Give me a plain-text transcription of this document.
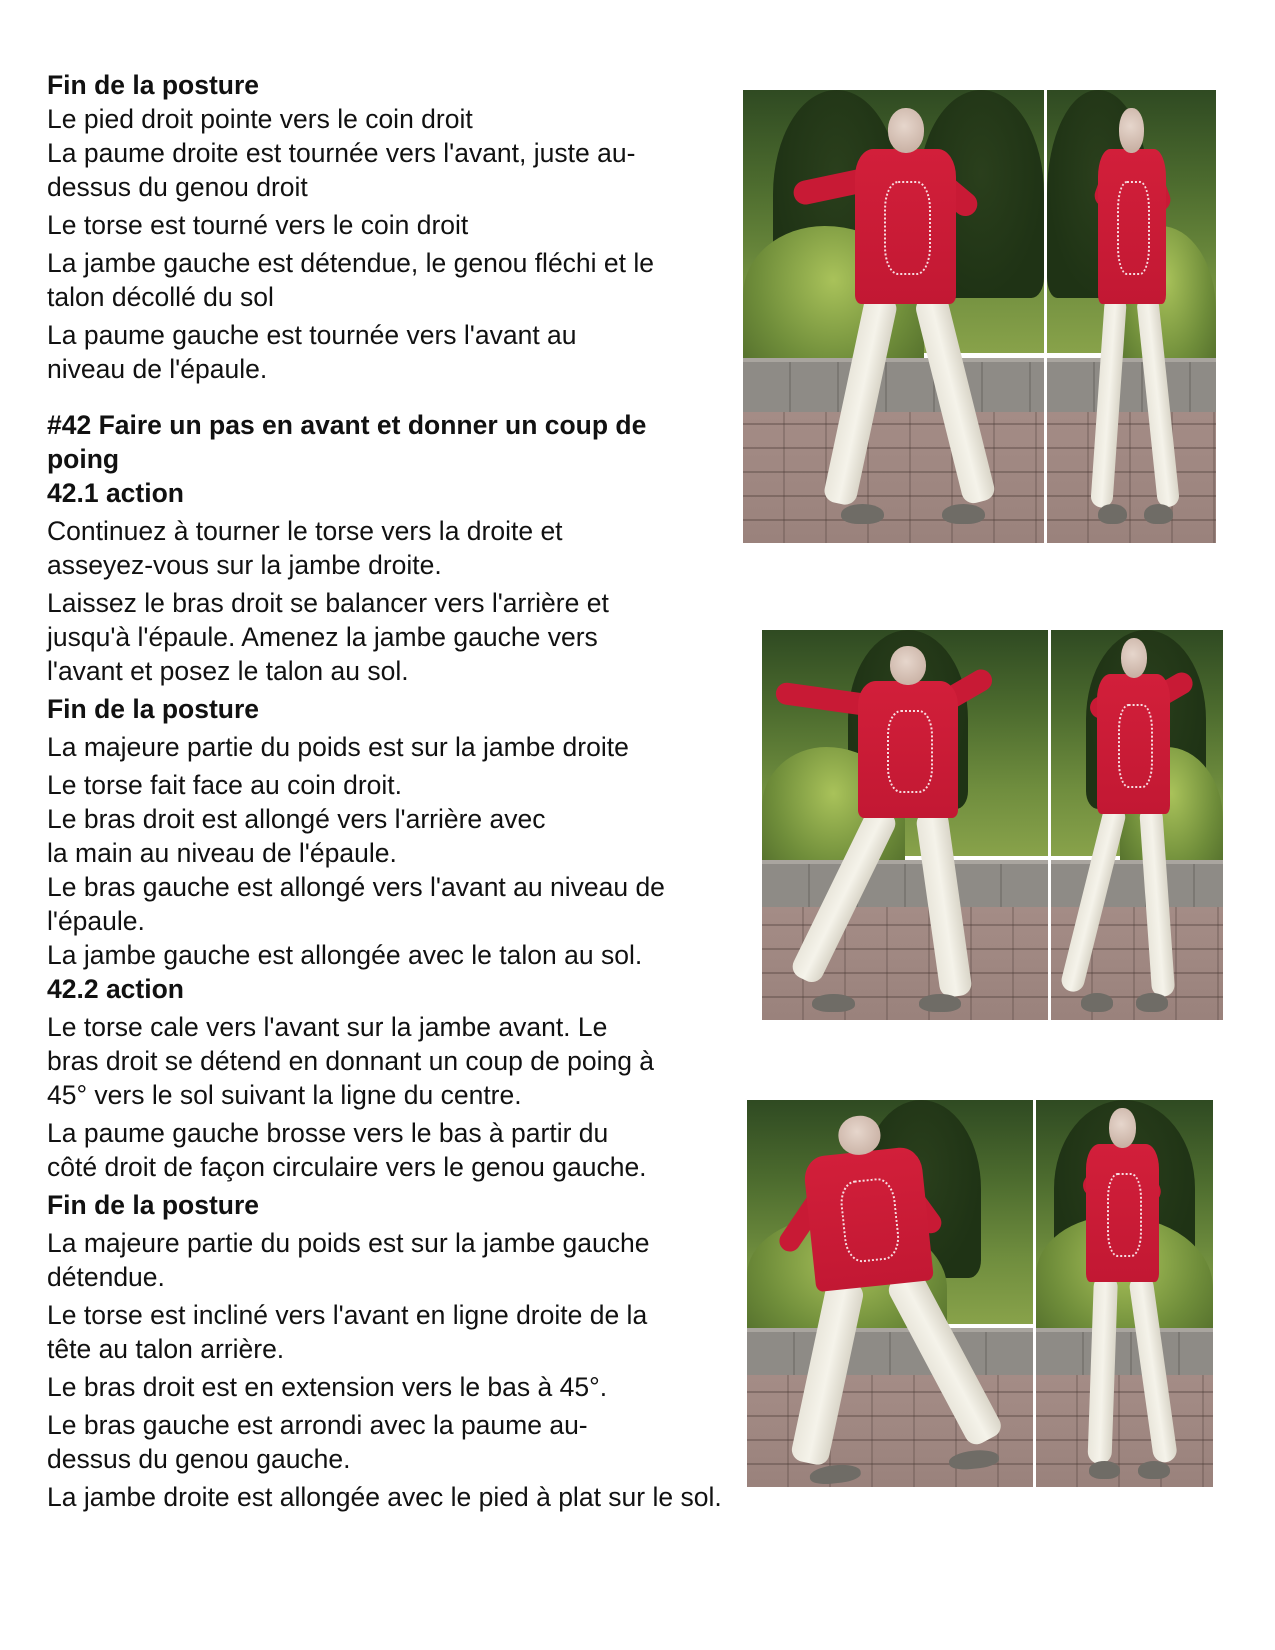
Fin de la posture

Le pied droit pointe vers le coin droit

La paume droite est tournée vers l'avant, juste au-

dessus du genou droit

Le torse est tourné vers le coin droit

La jambe gauche est détendue, le genou fléchi et le

talon décollé du sol

La paume gauche est tournée vers l'avant au

niveau de l'épaule.

#42 Faire un pas en avant et donner un coup de

poing

42.1 action

Continuez à tourner le torse vers la droite et

asseyez-vous sur la jambe droite.

Laissez le bras droit se balancer vers l'arrière et

jusqu'à l'épaule. Amenez la jambe gauche vers

l'avant et posez le talon au sol.

Fin de la posture

La majeure partie du poids est sur la jambe droite

Le torse fait face au coin droit.

Le bras droit est allongé vers l'arrière avec

la main au niveau de l'épaule.

Le bras gauche est allongé vers l'avant au niveau de

l'épaule.

La jambe gauche est allongée avec le talon au sol.

42.2 action

Le torse cale vers l'avant sur la jambe avant. Le

bras droit se détend en donnant un coup de poing à

45° vers le sol suivant la ligne du centre.

La paume gauche brosse vers le bas à partir du

côté droit de façon circulaire vers le genou gauche.

Fin de la posture

La majeure partie du poids est sur la jambe gauche

détendue.

Le torse est incliné vers l'avant en ligne droite de la

tête au talon arrière.

Le bras droit est en extension vers le bas à 45°.

Le bras gauche est arrondi avec la paume au-

dessus du genou gauche.

La jambe droite est allongée avec le pied à plat sur le sol.
